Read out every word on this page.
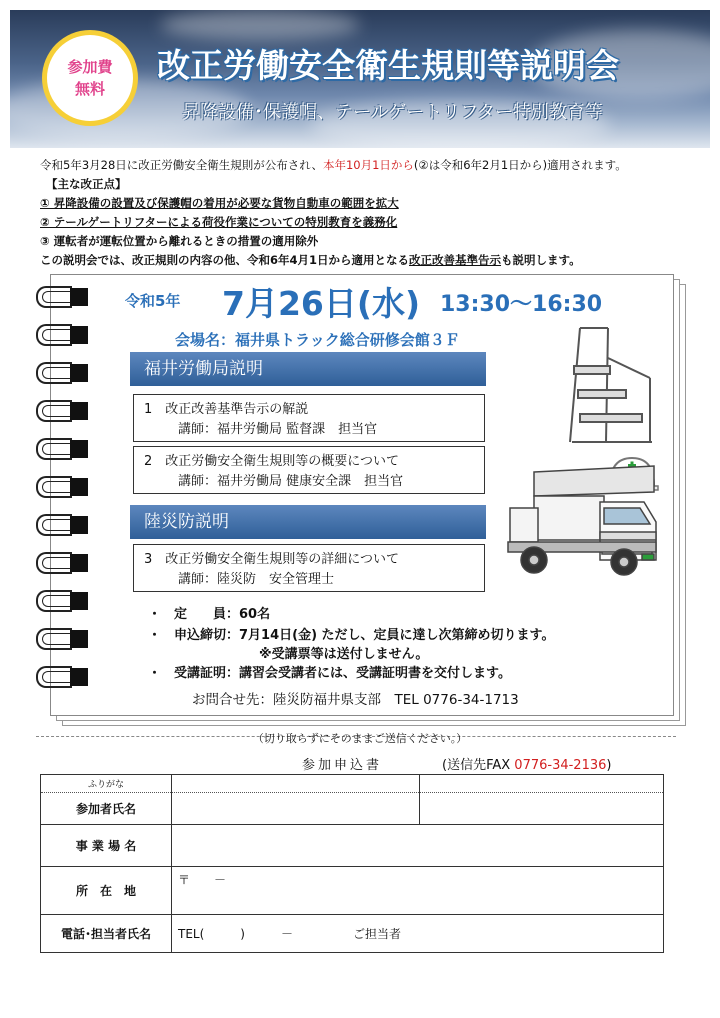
参加費
無料
改正労働安全衛生規則等説明会
昇降設備･保護帽、テールゲートリフター特別教育等
令和5年3月28日に改正労働安全衛生規則が公布され、本年10月1日から(②は令和6年2月1日から)適用されます。
【主な改正点】
① 昇降設備の設置及び保護帽の着用が必要な貨物自動車の範囲を拡大
② テールゲートリフターによる荷役作業についての特別教育を義務化
③ 運転者が運転位置から離れるときの措置の適用除外
この説明会では、改正規則の内容の他、令和6年4月1日から適用となる改正改善基準告示も説明します。
令和5年 7月26日(水) 13:30～16:30
会場名：福井県トラック総合研修会館３Ｆ
福井労働局説明
1　改正改善基準告示の解説
講師：福井労働局 監督課　担当官
2　改正労働安全衛生規則等の概要について
講師：福井労働局 健康安全課　担当官
陸災防説明
3　改正労働安全衛生規則等の詳細について
講師：陸災防　安全管理士
・　定　　員：60名
・　申込締切：7月14日(金) ただし、定員に達し次第締め切ります。
※受講票等は送付しません。
・　受講証明：講習会受講者には、受講証明書を交付します。
お問合せ先：陸災防福井県支部　TEL 0776-34-1713
（切り取らずにそのままご送信ください。）
参加申込書	(送信先FAX 0776-34-2136)
ふりがな		
参加者氏名		
事 業 場 名		
所　在　地	〒　　－	
電話･担当者氏名	TEL(　　　)　　　－　　　　　ご担当者	
